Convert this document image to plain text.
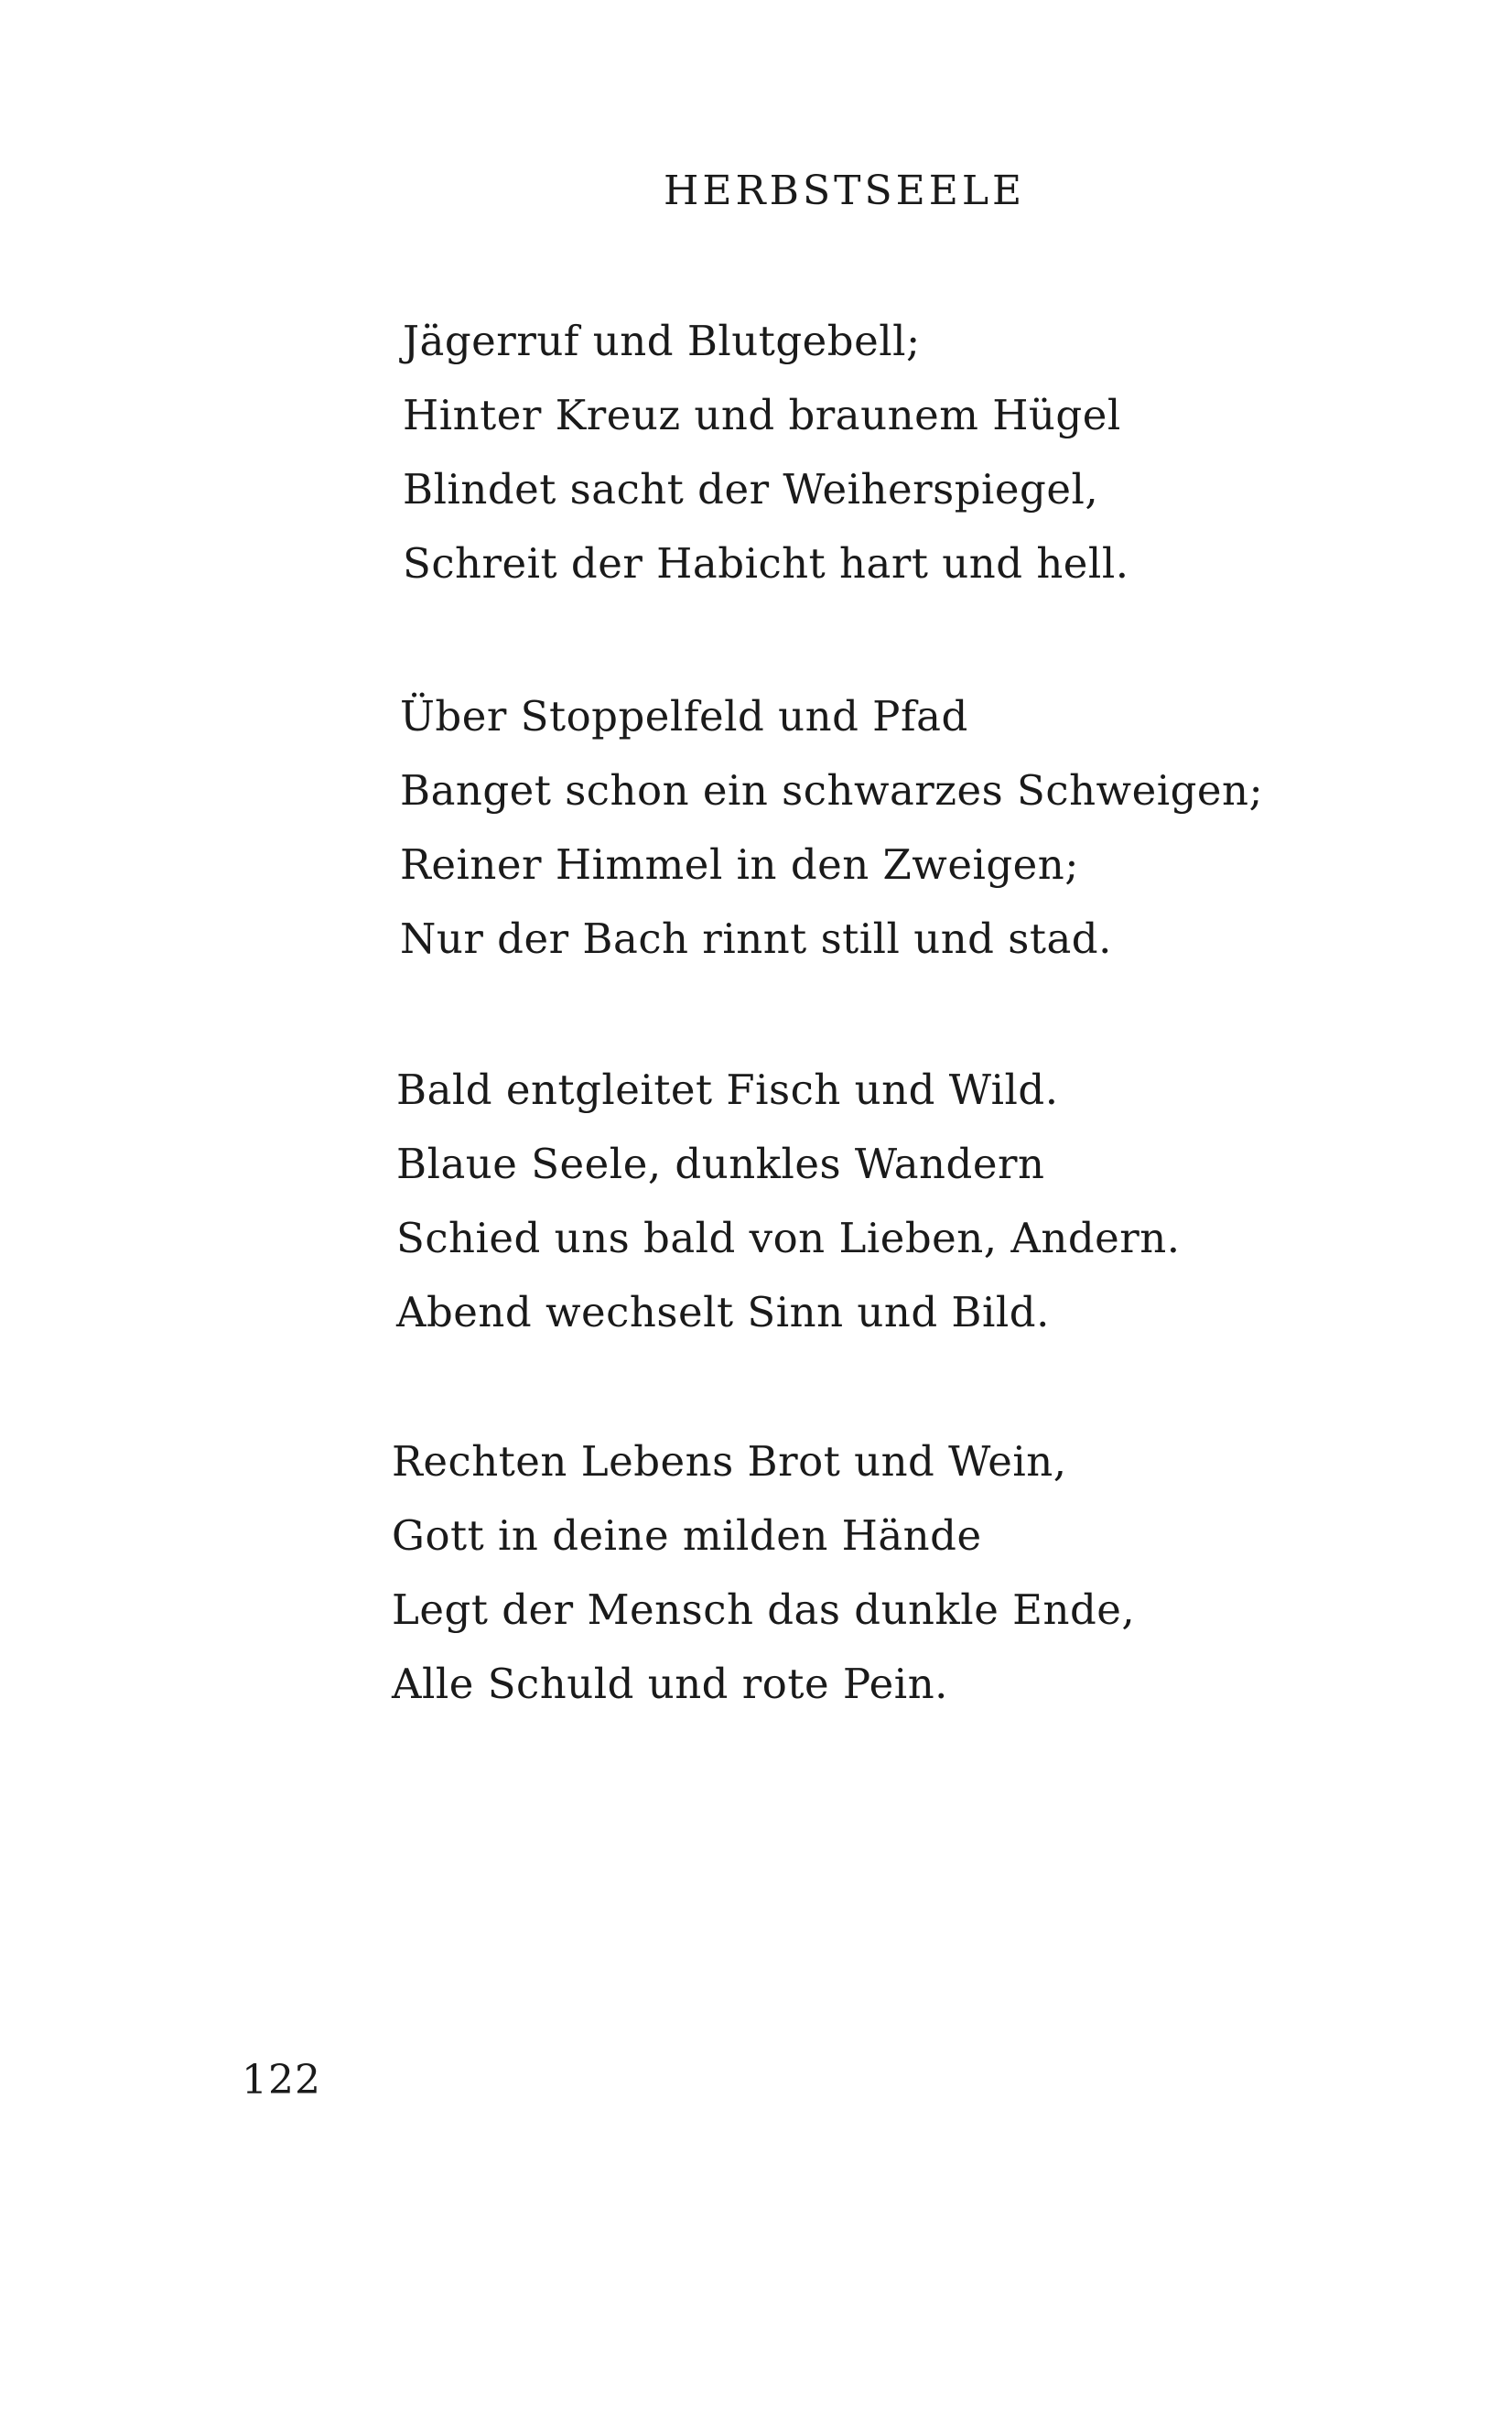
HERBSTSEELE
Jägerruf und Blutgebell;
Hinter Kreuz und braunem Hügel
Blindet sacht der Weiherspiegel,
Schreit der Habicht hart und hell.
Über Stoppelfeld und Pfad
Banget schon ein schwarzes Schweigen;
Reiner Himmel in den Zweigen;
Nur der Bach rinnt still und stad.
Bald entgleitet Fisch und Wild.
Blaue Seele, dunkles Wandern
Schied uns bald von Lieben, Andern.
Abend wechselt Sinn und Bild.
Rechten Lebens Brot und Wein,
Gott in deine milden Hände
Legt der Mensch das dunkle Ende,
Alle Schuld und rote Pein.
122
